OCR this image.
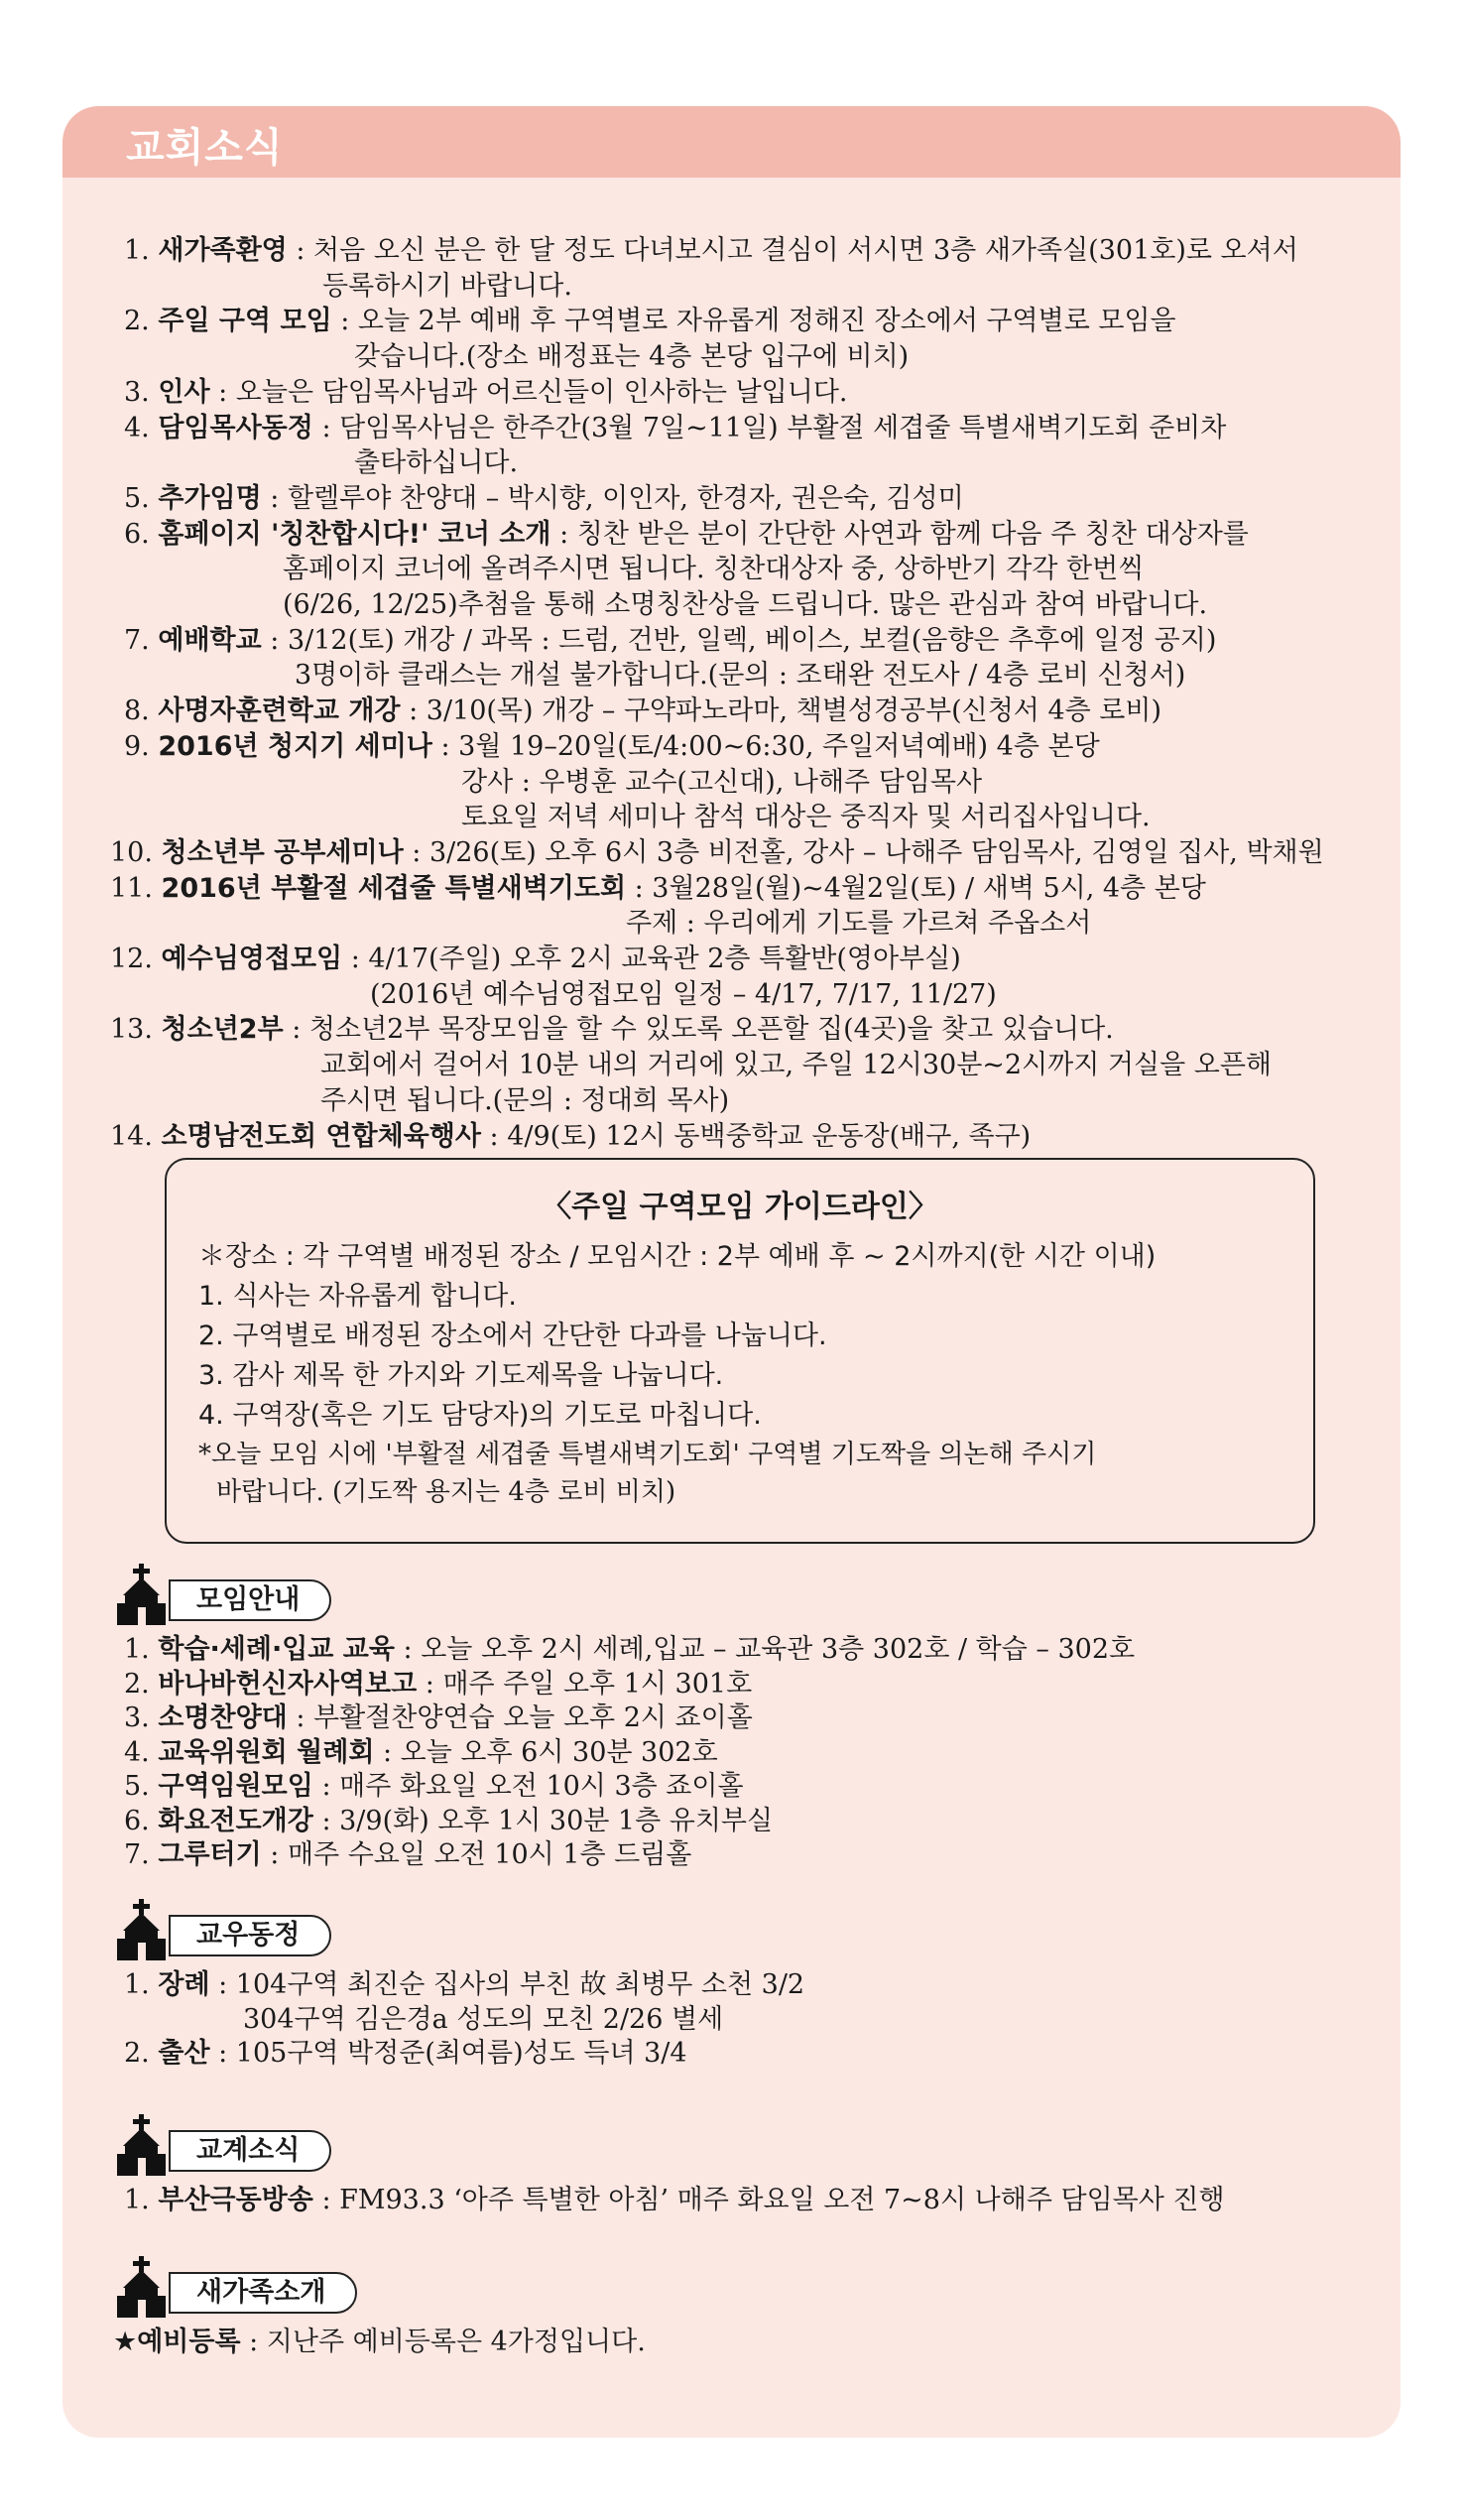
교회소식
1. 새가족환영 : 처음 오신 분은 한 달 정도 다녀보시고 결심이 서시면 3층 새가족실(301호)로 오셔서
등록하시기 바랍니다.
2. 주일 구역 모임 : 오늘 2부 예배 후 구역별로 자유롭게 정해진 장소에서 구역별로 모임을
갖습니다.(장소 배정표는 4층 본당 입구에 비치)
3. 인사 : 오늘은 담임목사님과 어르신들이 인사하는 날입니다.
4. 담임목사동정 : 담임목사님은 한주간(3월 7일~11일) 부활절 세겹줄 특별새벽기도회 준비차
출타하십니다.
5. 추가임명 : 할렐루야 찬양대 – 박시향, 이인자, 한경자, 권은숙, 김성미
6. 홈페이지 '칭찬합시다!' 코너 소개 : 칭찬 받은 분이 간단한 사연과 함께 다음 주 칭찬 대상자를
홈페이지 코너에 올려주시면 됩니다. 칭찬대상자 중, 상하반기 각각 한번씩
(6/26, 12/25)추첨을 통해 소명칭찬상을 드립니다. 많은 관심과 참여 바랍니다.
7. 예배학교 : 3/12(토) 개강 / 과목 : 드럼, 건반, 일렉, 베이스, 보컬(음향은 추후에 일정 공지)
3명이하 클래스는 개설 불가합니다.(문의 : 조태완 전도사 / 4층 로비 신청서)
8. 사명자훈련학교 개강 : 3/10(목) 개강 – 구약파노라마, 책별성경공부(신청서 4층 로비)
9. 2016년 청지기 세미나 : 3월 19–20일(토/4:00~6:30, 주일저녁예배) 4층 본당
강사 : 우병훈 교수(고신대), 나해주 담임목사
토요일 저녁 세미나 참석 대상은 중직자 및 서리집사입니다.
10. 청소년부 공부세미나 : 3/26(토) 오후 6시 3층 비전홀, 강사 – 나해주 담임목사, 김영일 집사, 박채원
11. 2016년 부활절 세겹줄 특별새벽기도회 : 3월28일(월)~4월2일(토) / 새벽 5시, 4층 본당
주제 : 우리에게 기도를 가르쳐 주옵소서
12. 예수님영접모임 : 4/17(주일) 오후 2시 교육관 2층 특활반(영아부실)
(2016년 예수님영접모임 일정 – 4/17, 7/17, 11/27)
13. 청소년2부 : 청소년2부 목장모임을 할 수 있도록 오픈할 집(4곳)을 찾고 있습니다.
교회에서 걸어서 10분 내의 거리에 있고, 주일 12시30분~2시까지 거실을 오픈해
주시면 됩니다.(문의 : 정대희 목사)
14. 소명남전도회 연합체육행사 : 4/9(토) 12시 동백중학교 운동장(배구, 족구)
〈주일 구역모임 가이드라인〉
＊장소 : 각 구역별 배정된 장소 / 모임시간 : 2부 예배 후 ~ 2시까지(한 시간 이내)
1. 식사는 자유롭게 합니다.
2. 구역별로 배정된 장소에서 간단한 다과를 나눕니다.
3. 감사 제목 한 가지와 기도제목을 나눕니다.
4. 구역장(혹은 기도 담당자)의 기도로 마칩니다.
*오늘 모임 시에 '부활절 세겹줄 특별새벽기도회' 구역별 기도짝을 의논해 주시기
바랍니다. (기도짝 용지는 4층 로비 비치)
모임안내
1. 학습·세례·입교 교육 : 오늘 오후 2시 세례,입교 – 교육관 3층 302호 / 학습 – 302호
2. 바나바헌신자사역보고 : 매주 주일 오후 1시 301호
3. 소명찬양대 : 부활절찬양연습 오늘 오후 2시 죠이홀
4. 교육위원회 월례회 : 오늘 오후 6시 30분 302호
5. 구역임원모임 : 매주 화요일 오전 10시 3층 죠이홀
6. 화요전도개강 : 3/9(화) 오후 1시 30분 1층 유치부실
7. 그루터기 : 매주 수요일 오전 10시 1층 드림홀
교우동정
1. 장례 : 104구역 최진순 집사의 부친 故 최병무 소천 3/2
304구역 김은경a 성도의 모친 2/26 별세
2. 출산 : 105구역 박정준(최여름)성도 득녀 3/4
교계소식
1. 부산극동방송 : FM93.3 ‘아주 특별한 아침’ 매주 화요일 오전 7~8시 나해주 담임목사 진행
새가족소개
★예비등록 : 지난주 예비등록은 4가정입니다.
